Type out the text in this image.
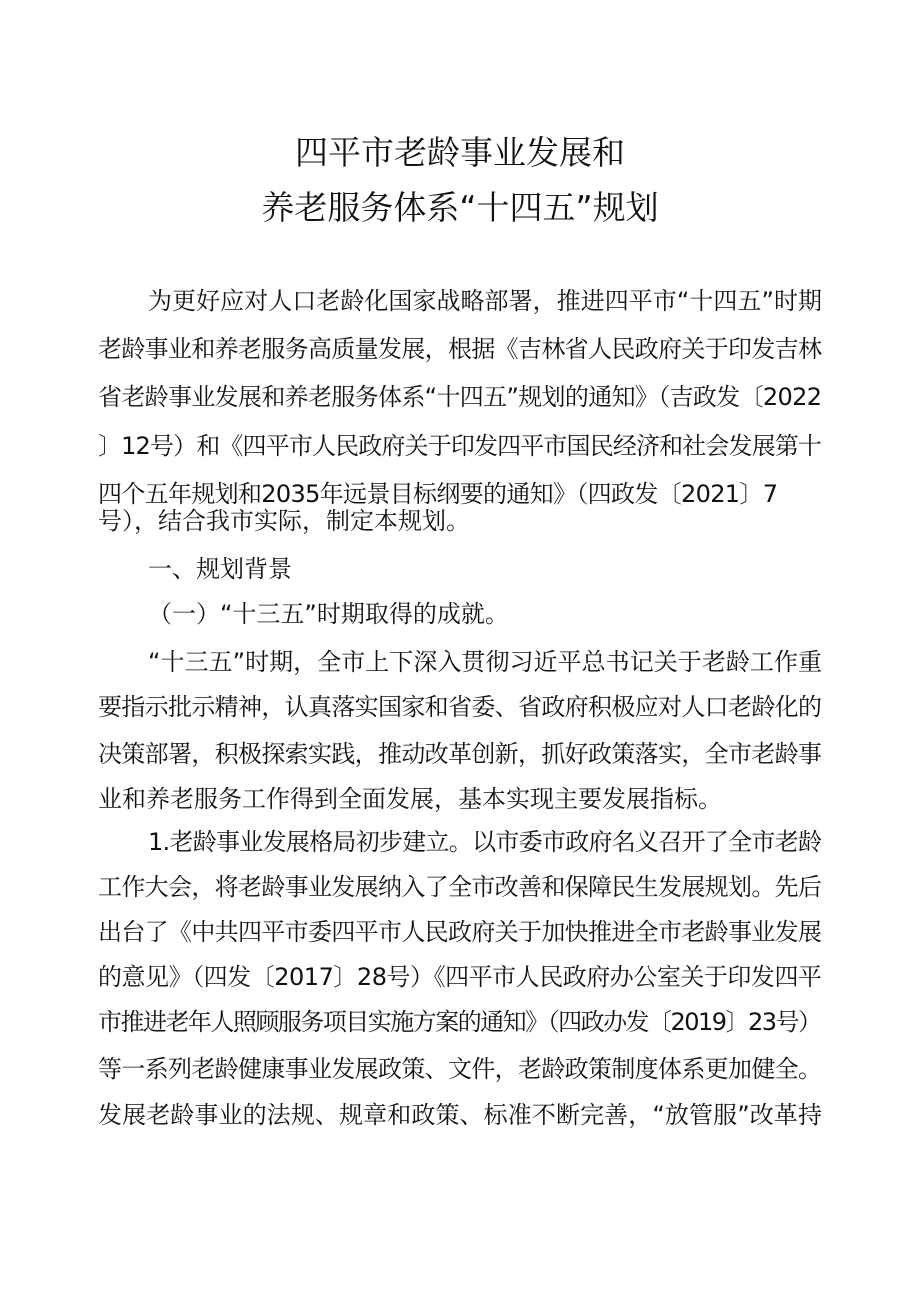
四平市老龄事业发展和
养老服务体系“十四五”规划
为更好应对人口老龄化国家战略部署，推进四平市“十四五”时期
老龄事业和养老服务高质量发展，根据《吉林省人民政府关于印发吉林
省老龄事业发展和养老服务体系“十四五”规划的通知》（吉政发〔2022
〕12号）和《四平市人民政府关于印发四平市国民经济和社会发展第十
四个五年规划和2035年远景目标纲要的通知》（四政发〔2021〕7
号），结合我市实际，制定本规划。
一、规划背景
（一）“十三五”时期取得的成就。
“十三五”时期，全市上下深入贯彻习近平总书记关于老龄工作重
要指示批示精神，认真落实国家和省委、省政府积极应对人口老龄化的
决策部署，积极探索实践，推动改革创新，抓好政策落实，全市老龄事
业和养老服务工作得到全面发展，基本实现主要发展指标。
1.老龄事业发展格局初步建立。以市委市政府名义召开了全市老龄
工作大会，将老龄事业发展纳入了全市改善和保障民生发展规划。先后
出台了《中共四平市委四平市人民政府关于加快推进全市老龄事业发展
的意见》（四发〔2017〕28号）《四平市人民政府办公室关于印发四平
市推进老年人照顾服务项目实施方案的通知》（四政办发〔2019〕23号）
等一系列老龄健康事业发展政策、文件，老龄政策制度体系更加健全。
发展老龄事业的法规、规章和政策、标准不断完善，“放管服”改革持
